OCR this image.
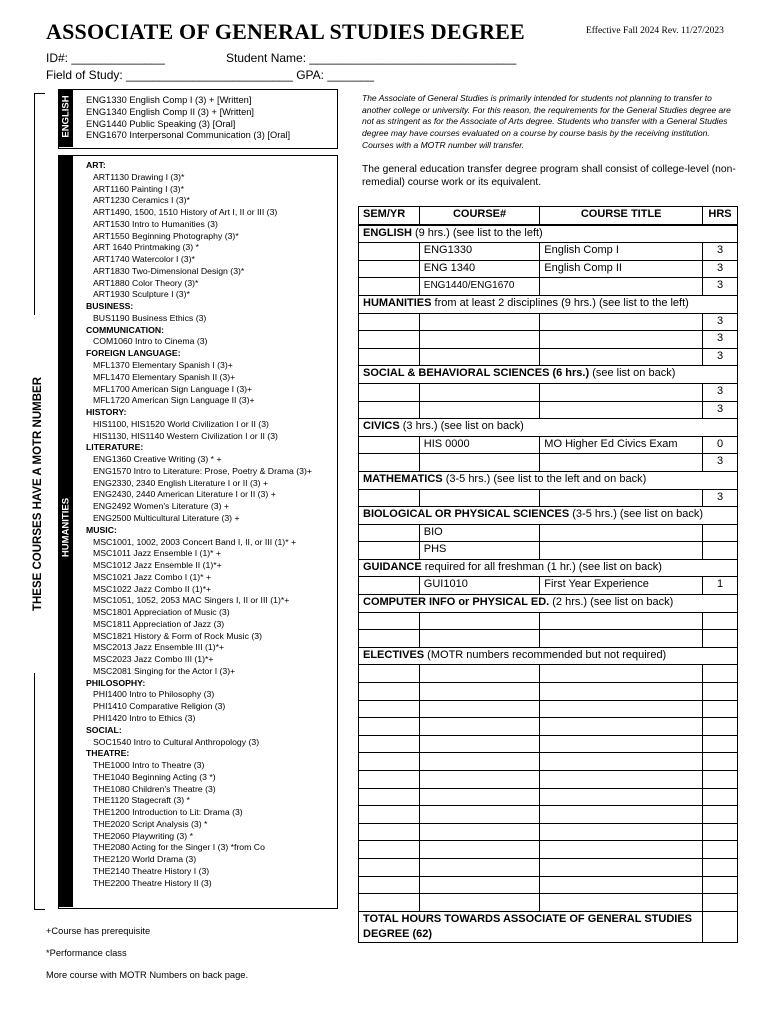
ASSOCIATE OF GENERAL STUDIES DEGREE	Effective Fall 2024 Rev. 11/27/2023
ID#: ______________	Student Name: _______________________________
Field of Study: _________________________ GPA: _______
THESE COURSES HAVE A MOTR NUMBER
ENGLISH ENG1330 English Comp I (3) + [Written]
ENG1340 English Comp II (3) + [Written]
ENG1440 Public Speaking (3) [Oral]
ENG1670 Interpersonal Communication (3) [Oral]
HUMANITIES
ART:
ART1130 Drawing I (3)*
ART1160 Painting I (3)*
ART1230 Ceramics I (3)*
ART1490, 1500, 1510 History of Art I, II or III (3)
ART1530 Intro to Humanities (3)
ART1550 Beginning Photography (3)*
ART 1640 Printmaking (3) *
ART1740 Watercolor I (3)*
ART1830 Two-Dimensional Design (3)*
ART1880 Color Theory (3)*
ART1930 Sculpture I (3)*
BUSINESS:
BUS1190 Business Ethics (3)
COMMUNICATION:
COM1060 Intro to Cinema (3)
FOREIGN LANGUAGE:
MFL1370 Elementary Spanish I (3)+
MFL1470 Elementary Spanish II (3)+
MFL1700 American Sign Language I (3)+
MFL1720 American Sign Language II (3)+
HISTORY:
HIS1100, HIS1520 World Civilization I or II (3)
HIS1130, HIS1140 Western Civilization I or II (3)
LITERATURE:
ENG1360 Creative Writing (3) * +
ENG1570 Intro to Literature: Prose, Poetry & Drama (3)+
ENG2330, 2340 English Literature I or II (3) +
ENG2430, 2440 American Literature I or II (3) +
ENG2492 Women's Literature (3) +
ENG2500 Multicultural Literature (3) +
MUSIC:
MSC1001, 1002, 2003 Concert Band I, II, or III (1)* +
MSC1011 Jazz Ensemble I (1)* +
MSC1012 Jazz Ensemble II (1)*+
MSC1021 Jazz Combo I (1)* +
MSC1022 Jazz Combo II (1)*+
MSC1051, 1052, 2053 MAC Singers I, II or III (1)*+
MSC1801 Appreciation of Music (3)
MSC1811 Appreciation of Jazz (3)
MSC1821 History & Form of Rock Music (3)
MSC2013 Jazz Ensemble III (1)*+
MSC2023 Jazz Combo III (1)*+
MSC2081 Singing for the Actor I (3)+
PHILOSOPHY:
PHI1400 Intro to Philosophy (3)
PHI1410 Comparative Religion (3)
PHI1420 Intro to Ethics (3)
SOCIAL:
SOC1540 Intro to Cultural Anthropology (3)
THEATRE:
THE1000 Intro to Theatre (3)
THE1040 Beginning Acting (3 *)
THE1080 Children's Theatre (3)
THE1120 Stagecraft (3) *
THE1200 Introduction to Lit: Drama (3)
THE2020 Script Analysis (3) *
THE2060 Playwriting (3) *
THE2080 Acting for the Singer I (3) *from Co
THE2120 World Drama (3)
THE2140 Theatre History I (3)
THE2200 Theatre History II (3)
The Associate of General Studies is primarily intended for students not planning to transfer to another college or university. For this reason, the requirements for the General Studies degree are not as stringent as for the Associate of Arts degree. Students who transfer with a General Studies degree may have courses evaluated on a course by course basis by the receiving institution. Courses with a MOTR number will transfer.
The general education transfer degree program shall consist of college-level (non-remedial) course work or its equivalent.
SEM/YR	COURSE#	COURSE TITLE	HRS
ENGLISH (9 hrs.) (see list to the left)			
	ENG1330	English Comp I	3
	ENG 1340	English Comp II	3
	ENG1440/ENG1670		3
HUMANITIES from at least 2 disciplines (9 hrs.) (see list to the left)			
			3
			3
			3
SOCIAL & BEHAVIORAL SCIENCES (6 hrs.) (see list on back)			
			3
			3
CIVICS (3 hrs.) (see list on back)			
	HIS 0000	MO Higher Ed Civics Exam	0
			3
MATHEMATICS (3-5 hrs.) (see list to the left and on back)			
			3
BIOLOGICAL OR PHYSICAL SCIENCES (3-5 hrs.) (see list on back)			
	BIO		
	PHS		
GUIDANCE required for all freshman (1 hr.) (see list on back)			
	GUI1010	First Year Experience	1
COMPUTER INFO or PHYSICAL ED. (2 hrs.) (see list on back)			

ELECTIVES (MOTR numbers recommended but not required)			

TOTAL HOURS TOWARDS ASSOCIATE OF GENERAL STUDIES DEGREE (62)			
+Course has prerequisite
*Performance class
More course with MOTR Numbers on back page.
